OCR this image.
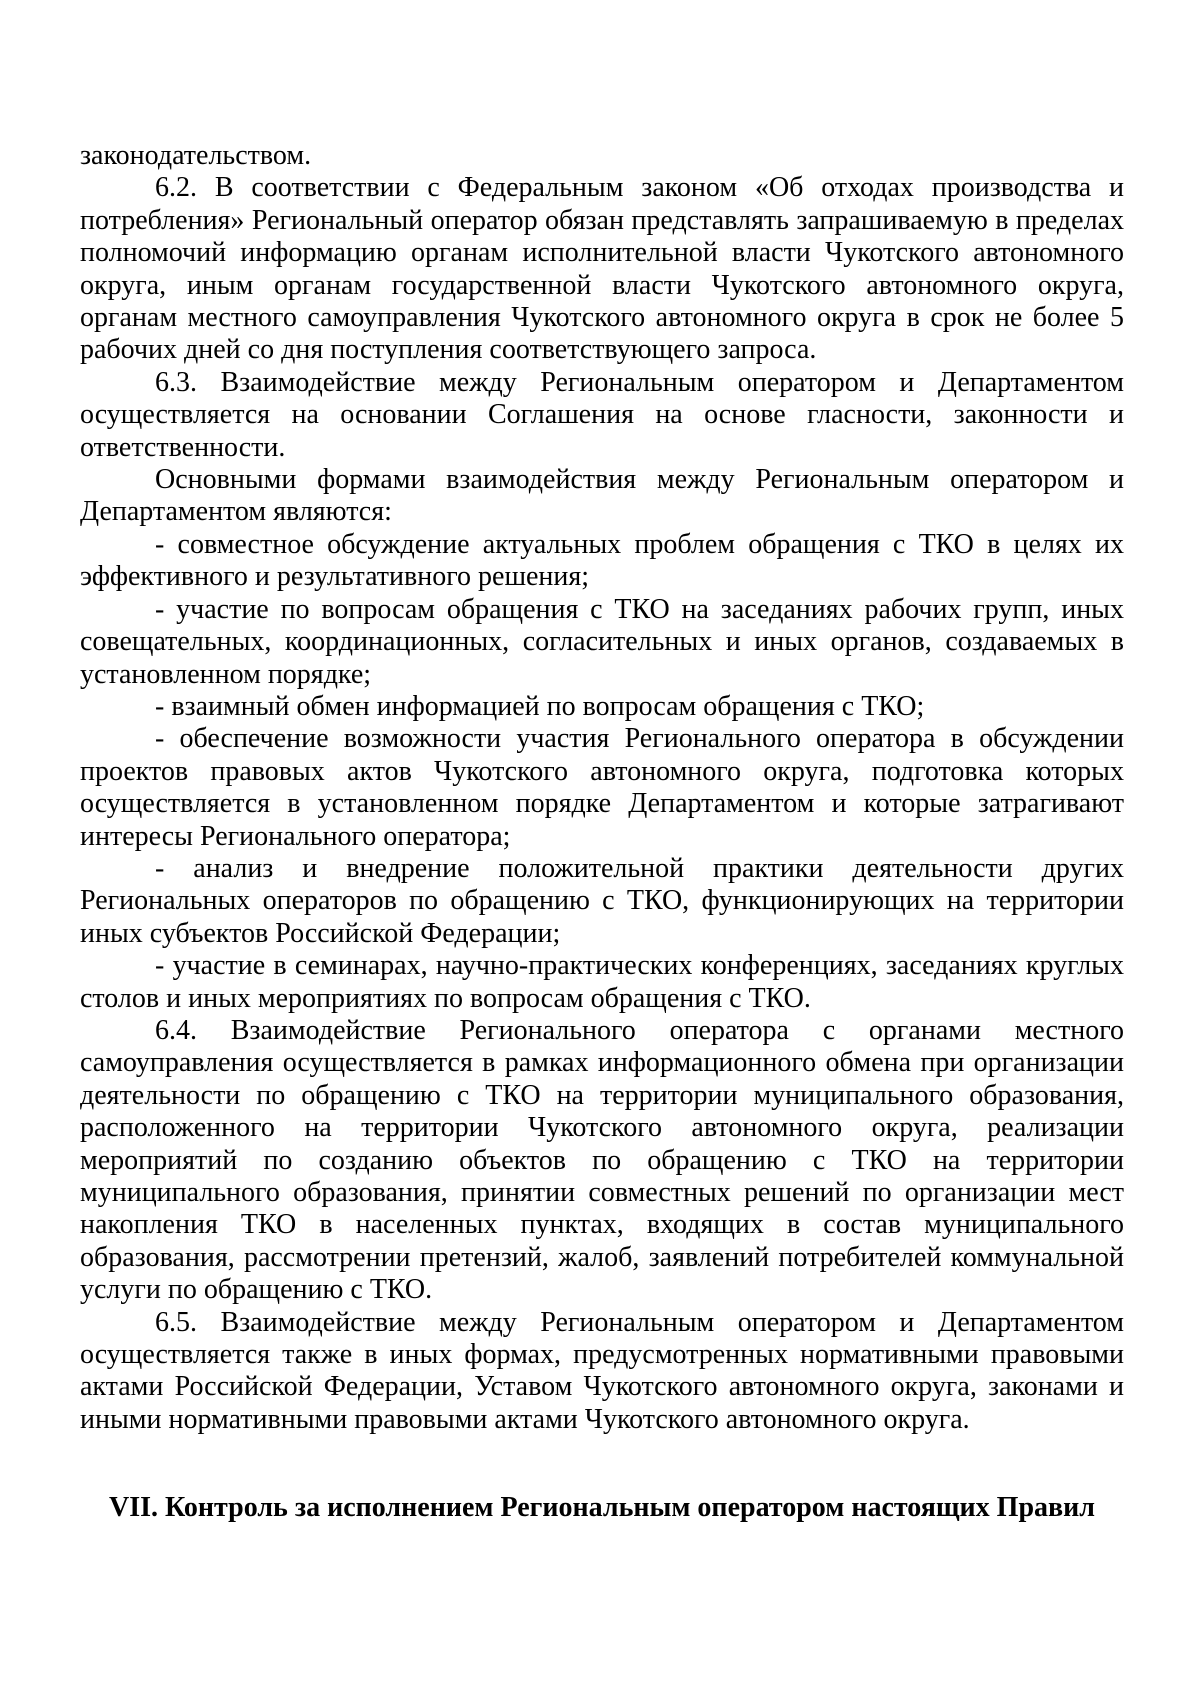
законодательством.

6.2. В соответствии с Федеральным законом «Об отходах производства и потребления» Региональный оператор обязан представлять запрашиваемую в пределах полномочий информацию органам исполнительной власти Чукотского автономного округа, иным органам государственной власти Чукотского автономного округа, органам местного самоуправления Чукотского автономного округа в срок не более 5 рабочих дней со дня поступления соответствующего запроса.

6.3. Взаимодействие между Региональным оператором и Департаментом осуществляется на основании Соглашения на основе гласности, законности и ответственности.

Основными формами взаимодействия между Региональным оператором и Департаментом являются:

- совместное обсуждение актуальных проблем обращения с ТКО в целях их эффективного и результативного решения;

- участие по вопросам обращения с ТКО на заседаниях рабочих групп, иных совещательных, координационных, согласительных и иных органов, создаваемых в установленном порядке;

- взаимный обмен информацией по вопросам обращения с ТКО;

- обеспечение возможности участия Регионального оператора в обсуждении проектов правовых актов Чукотского автономного округа, подготовка которых осуществляется в установленном порядке Департаментом и которые затрагивают интересы Регионального оператора;

- анализ и внедрение положительной практики деятельности других Региональных операторов по обращению с ТКО, функционирующих на территории иных субъектов Российской Федерации;

- участие в семинарах, научно-практических конференциях, заседаниях круглых столов и иных мероприятиях по вопросам обращения с ТКО.

6.4. Взаимодействие Регионального оператора с органами местного самоуправления осуществляется в рамках информационного обмена при организации деятельности по обращению с ТКО на территории муниципального образования, расположенного на территории Чукотского автономного округа, реализации мероприятий по созданию объектов по обращению с ТКО на территории муниципального образования, принятии совместных решений по организации мест накопления ТКО в населенных пунктах, входящих в состав муниципального образования, рассмотрении претензий, жалоб, заявлений потребителей коммунальной услуги по обращению с ТКО.

6.5. Взаимодействие между Региональным оператором и Департаментом осуществляется также в иных формах, предусмотренных нормативными правовыми актами Российской Федерации, Уставом Чукотского автономного округа, законами и иными нормативными правовыми актами Чукотского автономного округа.

VII. Контроль за исполнением Региональным оператором настоящих Правил
